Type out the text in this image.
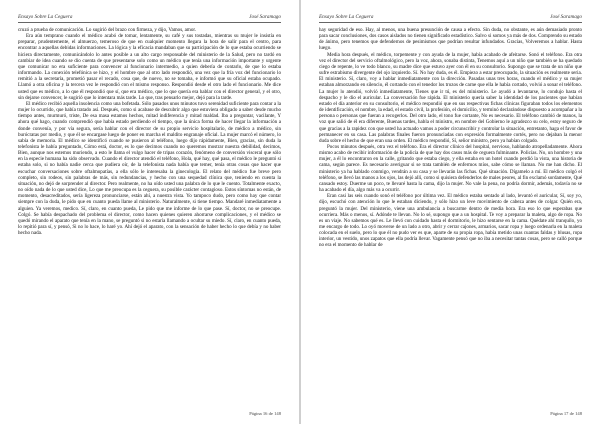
Ensayo Sobre La Ceguera	José Saramago

cruzó a prueba de comunicación. Lo sugirió del brazo con firmeza, y dijo, Vamos, amor.

Era aún temprano cuando el médico acabó de tomar, lentamente, su café y sus tostadas, mientras su mujer le insistía en preparar, prudentemente, el almuerzo, temeroso de que en cualquier momento llegara la hora de salir para el centro, para encontrar a aquellas debidas informaciones. La lógica y la eficacia mandaban que su participación de lo que estaba ocurriendo se hiciera directamente, comunicándolo lo antes posible a un alto cargo responsable del ministerio de la Salud, pero no tardó en cambiar de idea cuando se dio cuenta de que presentarse solo como un médico que tenía una información importante y urgente que comunicar no era suficiente para convencer al funcionario intermedio, a quien debería de contarlo, de que lo estaba informando. La conexión telefónica se hizo, y el hombre que al otro lado respondió, una vez que la fría voz del funcionario lo remitió a la secretaría, prometió pasar el recado, cosa que, de nuevo, no se tomaba, e informó que su oficial estaba ocupado. Llamó a otra oficina y la tercera vez le respondió con el mismo responso. Respondió desde el otro lado el funcionario. Me dice usted que es médico, a lo que él respondió que sí, que era médico, que lo que quería era hablar con el director general, y el otro, sin dejarse convencer, le sugirió que lo intentara más tarde. Lo que, tras pensarlo mejor, dejó para la tarde.

El médico recibió aquella insolencia como una bofetada. Sólo pasados unos minutos tuvo serenidad suficiente para contar a la mujer lo ocurrido, que había tratado así. Después, como si acabase de descubrir algo que estuviera obligado a saber desde mucho tiempo antes, murmuró, triste, De esa masa estamos hechos, mitad indiferencia y mitad maldad. Iba a preguntar, vacilante, Y ahora qué hago, cuando comprendió que había estado perdiendo el tiempo, que la única forma de hacer llegar la información a donde convenía, y por vía segura, sería hablar con el director de su propio servicio hospitalario, de médico a médico, sin burócratas por medio, y que él se encargase luego de poner en marcha el maldito engranaje oficial. La mujer marcó el número, lo sabía de memoria. El médico se identificó cuando se pusieron al teléfono, luego dijo rápidamente, Bien, gracias, sin duda la telefonista le había preguntado, Cómo está, doctor, es lo que decimos cuando no queremos mostrar nuestra debilidad, decimos, Bien, aunque nos estemos muriendo, a esto le llama el vulgo hacer de tripas corazón, fenómeno de conversión visceral que sólo en la especie humana ha sido observado. Cuando el director atendió el teléfono, Hola, qué hay, qué pasa, el médico le preguntó si estaba solo, si no había nadie cerca que pudiera oír, de la telefonista nada había que temer, tenía otras cosas que hacer que escuchar conversaciones sobre oftalmopatías, a ella sólo le interesaba la ginecología. El relato del médico fue breve pero completo, sin rodeos, sin palabras de más, sin redundancias, y hecho con una sequedad clínica que, teniendo en cuenta la situación, no dejó de sorprender al director. Pero realmente, no ha oído usted una palabra de lo que le cuento. Totalmente exacto, no oído nada de lo que usted dice, Lo que me preocupa es la ceguera, su posible carácter contagioso. Estos síntomas no están, de momento, desacreditados, sería ligereza pronunciarse, están ahí, a nuestra vista. Yo tampoco dudo, pero como hay que contar siempre con la duda, le pido que en cuanto pueda llame al ministerio. Naturalmente, si tiene tiempo. Mandaré inmediatamente a alguien. Ya veremos, medico. Sí, claro, en cuanto pueda, Le pido que me informe de lo que pase. Sí, doctor, no se preocupe. Colgó. Se había despachado del problema el director, como hacen quienes quieren ahorrarse complicaciones, y el médico se quedó mirando el aparato que tenía en la mano, se preguntó si no estaría llamando a ocultar su miedo. Sí, claro, en cuanto pueda, lo repitió para sí, y pensó, Si no lo hace, lo haré yo. Ahí dejó el aparato, con la sensación de haber hecho lo que debía y no haber hecho nada.

Página 16 de 148
Ensayo Sobre La Ceguera	José Saramago

hay seguridad de eso. Hay, al menos, una buena presunción de causa a efecto. Sin duda, no obstante, es aún demasiado pronto para sacar conclusiones, dos casos aislados no tienen significado estadístico. Salvo si somos ya más de dos. Comprendo su estado de ánimo, pero tenemos que defendernos de pesimismos que podrían resultar infundados. Gracias, Volveremos a hablar. Hasta luego.

Media hora después, el médico, torpemente y con ayuda de la mujer, había acabado de afeitarse. Sonó el teléfono. Era otra vez el director del servicio oftalmológico, pero la voz, ahora, sonaba distinta, Tenemos aquí a un niño que también se ha quedado ciego de repente, lo ve todo blanco, su madre dice que estuvo ayer con él en su consultorio. Supongo que se trata de un niño que sufre estrabismo divergente del ojo izquierdo. Sí. No hay duda, es él. Empiezo a estar preocupado, la situación es realmente seria. El ministerio. Sí, claro, voy a hablar inmediatamente con la dirección. Pasadas unas tres horas, cuando el médico y su mujer estaban almorzando en silencio, él cortando con el tenedor los trozos de carne que ella le había cortado, volvió a sonar el teléfono. La mujer lo atendió, volvió inmediatamente, Tienes que ir tú, es del ministerio. Le ayudó a levantarse, lo condujo hasta el despacho y le dio el auricular. La conversación fue rápida. El ministerio quería saber la identidad de los pacientes que habían estado el día anterior en su consultorio, el médico respondió que en sus respectivas fichas clínicas figuraban todos los elementos de identificación, el nombre, la edad, el estado civil, la profesión, el domicilio, y terminó declarándose dispuesto a acompañar a la persona o personas que fueran a recogerlos. Del otro lado, el tono fue cortante, No es necesario. El teléfono cambió de manos, la voz que salió de él era diferente, Buenas tardes, habla el ministro, en nombre del Gobierno le agradezco su celo, estoy seguro de que gracias a la rapidez con que usted ha actuado vamos a poder circunscribir y controlar la situación, entretanto, haga el favor de permanecer en su casa. Las palabras finales fueron pronunciadas con expresión formalmente cortés, pero no dejaban la menor duda sobre el hecho de que eran una orden. El médico respondió, Sí, señor ministro, pero ya habían colgado.

Pocos minutos después, otra vez el teléfono. Era el director clínico del hospital, nervioso, hablando atropelladamente. Ahora mismo acabo de recibir información de la policía de que hay dos casos más de ceguera fulminante. Policías. No, un hombre y una mujer, a él lo encontraron en la calle, gritando que estaba ciego, y ella estaba en un hotel cuando perdió la vista, una historia de cama, según parece. Es necesario averiguar si se trata también de enfermos míos, sabe cómo se llaman. No me han dicho. El ministerio ya ha hablado conmigo, vendrán a su casa y se llevarán las fichas. Qué situación. Dígamelo a mí. El médico colgó el teléfono, se llevó las manos a los ojos, las dejó allí, como si quisiera defenderlos de males peores, al fin exclamó sordamente, Qué cansado estoy. Duerme un poco, te llevaré hasta la cama, dijo la mujer. No vale la pena, no podría dormir, además, todavía no se ha acabado el día, algo más va a ocurrir.

Eran casi las seis cuando sonó el teléfono por última vez. El médico estaba sentado al lado, levantó el auricular, Sí, soy yo, dijo, escuchó con atención lo que le estaban diciendo, y sólo hizo un leve movimiento de cabeza antes de colgar. Quién era, preguntó la mujer. Del ministerio, viene una ambulancia a buscarme dentro de media hora. Era eso lo que esperabas que ocurriera. Más o menos, sí. Adónde te llevan. No lo sé, supongo que a un hospital. Te voy a preparar la maleta, algo de ropa. No es un viaje. No sabemos qué es. Le llevó con cuidado hasta el dormitorio, le hizo sentarse en la cama. Quédate ahí tranquilo, yo me encargo de todo. Lo oyó moverse de un lado a otro, abrir y cerrar cajones, armarios, sacar ropa y luego ordenarla en la maleta colocada en el suelo, pero lo que él no pudo ver es que, aparte de su propia ropa, había metido unas cuantas faldas y blusas, ropa interior, un vestido, unos zapatos que ella podría llevar. Vagamente pensó que no iba a necesitar tantas cosas, pero se calló porque no era el momento de hablar de

Página 17 de 148
